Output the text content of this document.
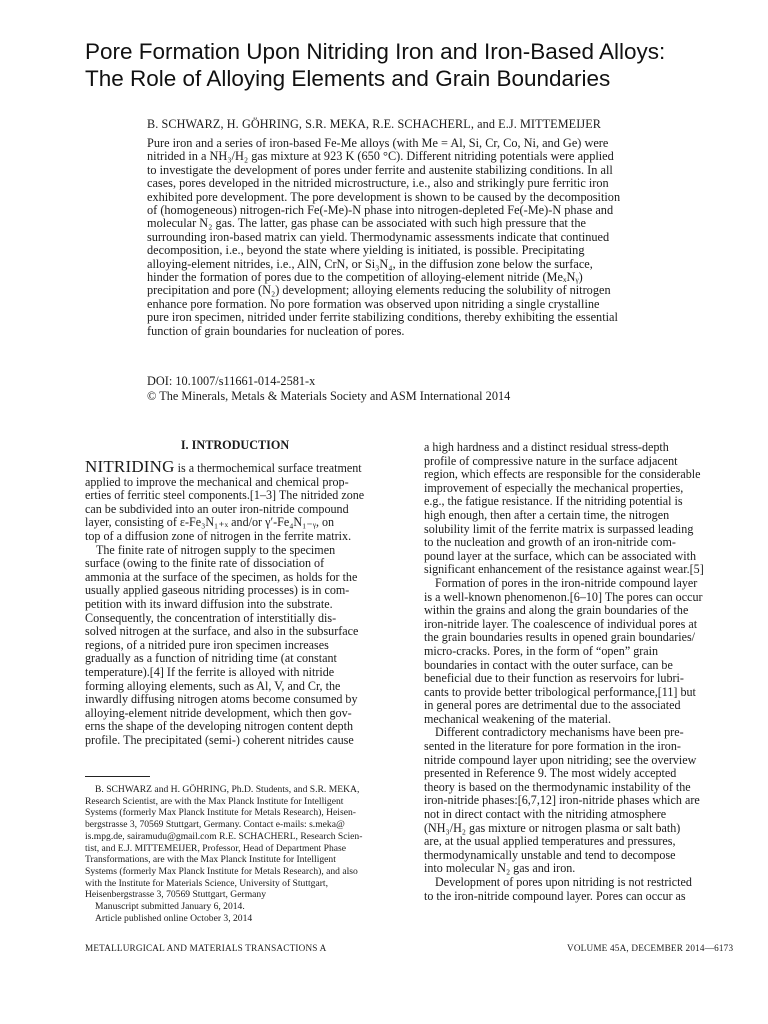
Pore Formation Upon Nitriding Iron and Iron-Based Alloys:
The Role of Alloying Elements and Grain Boundaries

B. SCHWARZ, H. GÖHRING, S.R. MEKA, R.E. SCHACHERL, and E.J. MITTEMEIJER

Pure iron and a series of iron-based Fe-Me alloys (with Me = Al, Si, Cr, Co, Ni, and Ge) were
nitrided in a NH₃/H₂ gas mixture at 923 K (650 °C). Different nitriding potentials were applied
to investigate the development of pores under ferrite and austenite stabilizing conditions. In all
cases, pores developed in the nitrided microstructure, i.e., also and strikingly pure ferritic iron
exhibited pore development. The pore development is shown to be caused by the decomposition
of (homogeneous) nitrogen-rich Fe(-Me)-N phase into nitrogen-depleted Fe(-Me)-N phase and
molecular N₂ gas. The latter, gas phase can be associated with such high pressure that the
surrounding iron-based matrix can yield. Thermodynamic assessments indicate that continued
decomposition, i.e., beyond the state where yielding is initiated, is possible. Precipitating
alloying-element nitrides, i.e., AlN, CrN, or Si₃N₄, in the diffusion zone below the surface,
hinder the formation of pores due to the competition of alloying-element nitride (MeₓNᵧ)
precipitation and pore (N₂) development; alloying elements reducing the solubility of nitrogen
enhance pore formation. No pore formation was observed upon nitriding a single crystalline
pure iron specimen, nitrided under ferrite stabilizing conditions, thereby exhibiting the essential
function of grain boundaries for nucleation of pores.
DOI: 10.1007/s11661-014-2581-x
© The Minerals, Metals & Materials Society and ASM International 2014
I. INTRODUCTION
NITRIDING is a thermochemical surface treatment
applied to improve the mechanical and chemical prop-
erties of ferritic steel components.[1–3] The nitrided zone
can be subdivided into an outer iron-nitride compound
layer, consisting of ε-Fe₃N₁₊ₓ and/or γ′-Fe₄N₁₋ᵧ, on
top of a diffusion zone of nitrogen in the ferrite matrix.
The finite rate of nitrogen supply to the specimen
surface (owing to the finite rate of dissociation of
ammonia at the surface of the specimen, as holds for the
usually applied gaseous nitriding processes) is in com-
petition with its inward diffusion into the substrate.
Consequently, the concentration of interstitially dis-
solved nitrogen at the surface, and also in the subsurface
regions, of a nitrided pure iron specimen increases
gradually as a function of nitriding time (at constant
temperature).[4] If the ferrite is alloyed with nitride
forming alloying elements, such as Al, V, and Cr, the
inwardly diffusing nitrogen atoms become consumed by
alloying-element nitride development, which then gov-
erns the shape of the developing nitrogen content depth
profile. The precipitated (semi-) coherent nitrides cause
a high hardness and a distinct residual stress-depth
profile of compressive nature in the surface adjacent
region, which effects are responsible for the considerable
improvement of especially the mechanical properties,
e.g., the fatigue resistance. If the nitriding potential is
high enough, then after a certain time, the nitrogen
solubility limit of the ferrite matrix is surpassed leading
to the nucleation and growth of an iron-nitride com-
pound layer at the surface, which can be associated with
significant enhancement of the resistance against wear.[5]
Formation of pores in the iron-nitride compound layer
is a well-known phenomenon.[6–10] The pores can occur
within the grains and along the grain boundaries of the
iron-nitride layer. The coalescence of individual pores at
the grain boundaries results in opened grain boundaries/
micro-cracks. Pores, in the form of “open” grain
boundaries in contact with the outer surface, can be
beneficial due to their function as reservoirs for lubri-
cants to provide better tribological performance,[11] but
in general pores are detrimental due to the associated
mechanical weakening of the material.
Different contradictory mechanisms have been pre-
sented in the literature for pore formation in the iron-
nitride compound layer upon nitriding; see the overview
presented in Reference 9. The most widely accepted
theory is based on the thermodynamic instability of the
iron-nitride phases:[6,7,12] iron-nitride phases which are
not in direct contact with the nitriding atmosphere
(NH₃/H₂ gas mixture or nitrogen plasma or salt bath)
are, at the usual applied temperatures and pressures,
thermodynamically unstable and tend to decompose
into molecular N₂ gas and iron.
Development of pores upon nitriding is not restricted
to the iron-nitride compound layer. Pores can occur as
B. SCHWARZ and H. GÖHRING, Ph.D. Students, and S.R. MEKA,
Research Scientist, are with the Max Planck Institute for Intelligent
Systems (formerly Max Planck Institute for Metals Research), Heisen-
bergstrasse 3, 70569 Stuttgart, Germany. Contact e-mails: s.meka@
is.mpg.de, sairamudu@gmail.com R.E. SCHACHERL, Research Scien-
tist, and E.J. MITTEMEIJER, Professor, Head of Department Phase
Transformations, are with the Max Planck Institute for Intelligent
Systems (formerly Max Planck Institute for Metals Research), and also
with the Institute for Materials Science, University of Stuttgart,
Heisenbergstrasse 3, 70569 Stuttgart, Germany
Manuscript submitted January 6, 2014.
Article published online October 3, 2014

METALLURGICAL AND MATERIALS TRANSACTIONS A	VOLUME 45A, DECEMBER 2014—6173
